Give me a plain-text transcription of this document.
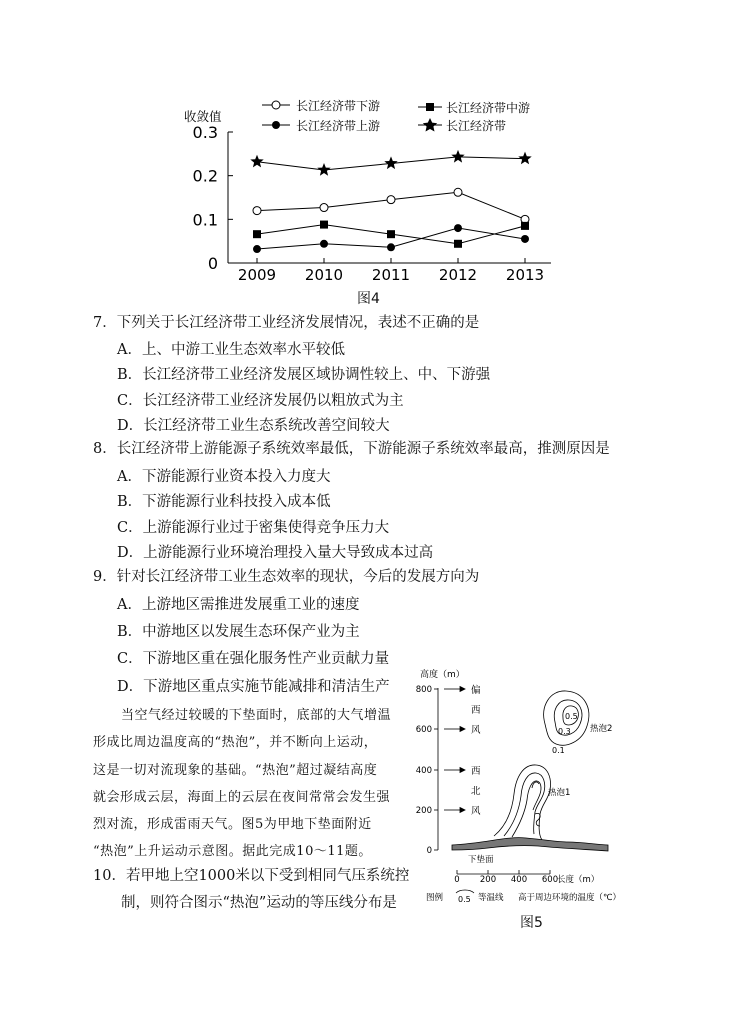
长江经济带下游	长江经济带中游
长江经济带上游	长江经济带
收敛值
0
0.1
0.2
0.3
2009 2010 2011 2012 2013
图4
7．下列关于长江经济带工业经济发展情况，表述不正确的是
A．上、中游工业生态效率水平较低
B．长江经济带工业经济发展区域协调性较上、中、下游强
C．长江经济带工业经济发展仍以粗放式为主
D．长江经济带工业生态系统改善空间较大
8．长江经济带上游能源子系统效率最低，下游能源子系统效率最高，推测原因是
A．下游能源行业资本投入力度大
B．下游能源行业科技投入成本低
C．上游能源行业过于密集使得竞争压力大
D．上游能源行业环境治理投入量大导致成本过高
9．针对长江经济带工业生态效率的现状，今后的发展方向为
A．上游地区需推进发展重工业的速度
B．中游地区以发展生态环保产业为主
C．下游地区重在强化服务性产业贡献力量
D．下游地区重点实施节能减排和清洁生产
当空气经过较暖的下垫面时，底部的大气增温
形成比周边温度高的“热泡”，并不断向上运动，
这是一切对流现象的基础。“热泡”超过凝结高度
就会形成云层，海面上的云层在夜间常常会发生强
烈对流，形成雷雨天气。图5为甲地下垫面附近
“热泡”上升运动示意图。据此完成10～11题。
10．若甲地上空1000米以下受到相同气压系统控
制，则符合图示“热泡”运动的等压线分布是
高度（m）
800
600
400
200
0
偏
西
风
西
北
风
0.5
0.3
0.1
热泡2
热泡1
下垫面
0 200 400 600
长度（m）
图例 0.5 等温线 高于周边环境的温度（℃）
图5
